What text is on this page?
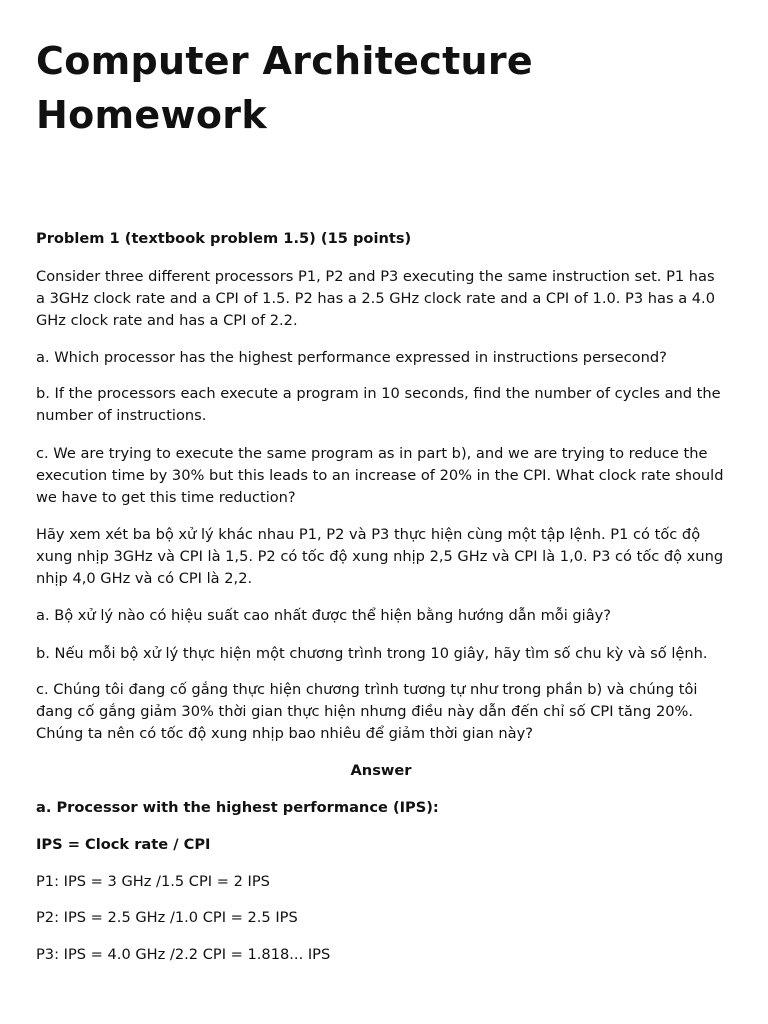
Computer Architecture
Homework

Problem 1 (textbook problem 1.5) (15 points)

Consider three different processors P1, P2 and P3 executing the same instruction set. P1 has a 3GHz clock rate and a CPI of 1.5. P2 has a 2.5 GHz clock rate and a CPI of 1.0. P3 has a 4.0 GHz clock rate and has a CPI of 2.2.

a. Which processor has the highest performance expressed in instructions persecond?

b. If the processors each execute a program in 10 seconds, find the number of cycles and the number of instructions.

c. We are trying to execute the same program as in part b), and we are trying to reduce the execution time by 30% but this leads to an increase of 20% in the CPI. What clock rate should we have to get this time reduction?

Hãy xem xét ba bộ xử lý khác nhau P1, P2 và P3 thực hiện cùng một tập lệnh. P1 có tốc độ xung nhịp 3GHz và CPI là 1,5. P2 có tốc độ xung nhịp 2,5 GHz và CPI là 1,0. P3 có tốc độ xung nhịp 4,0 GHz và có CPI là 2,2.

a. Bộ xử lý nào có hiệu suất cao nhất được thể hiện bằng hướng dẫn mỗi giây?

b. Nếu mỗi bộ xử lý thực hiện một chương trình trong 10 giây, hãy tìm số chu kỳ và số lệnh.

c. Chúng tôi đang cố gắng thực hiện chương trình tương tự như trong phần b) và chúng tôi đang cố gắng giảm 30% thời gian thực hiện nhưng điều này dẫn đến chỉ số CPI tăng 20%. Chúng ta nên có tốc độ xung nhịp bao nhiêu để giảm thời gian này?

Answer

a. Processor with the highest performance (IPS):

IPS = Clock rate / CPI

P1: IPS = 3 GHz /1.5 CPI = 2 IPS

P2: IPS = 2.5 GHz /1.0 CPI = 2.5 IPS

P3: IPS = 4.0 GHz /2.2 CPI = 1.818... IPS
